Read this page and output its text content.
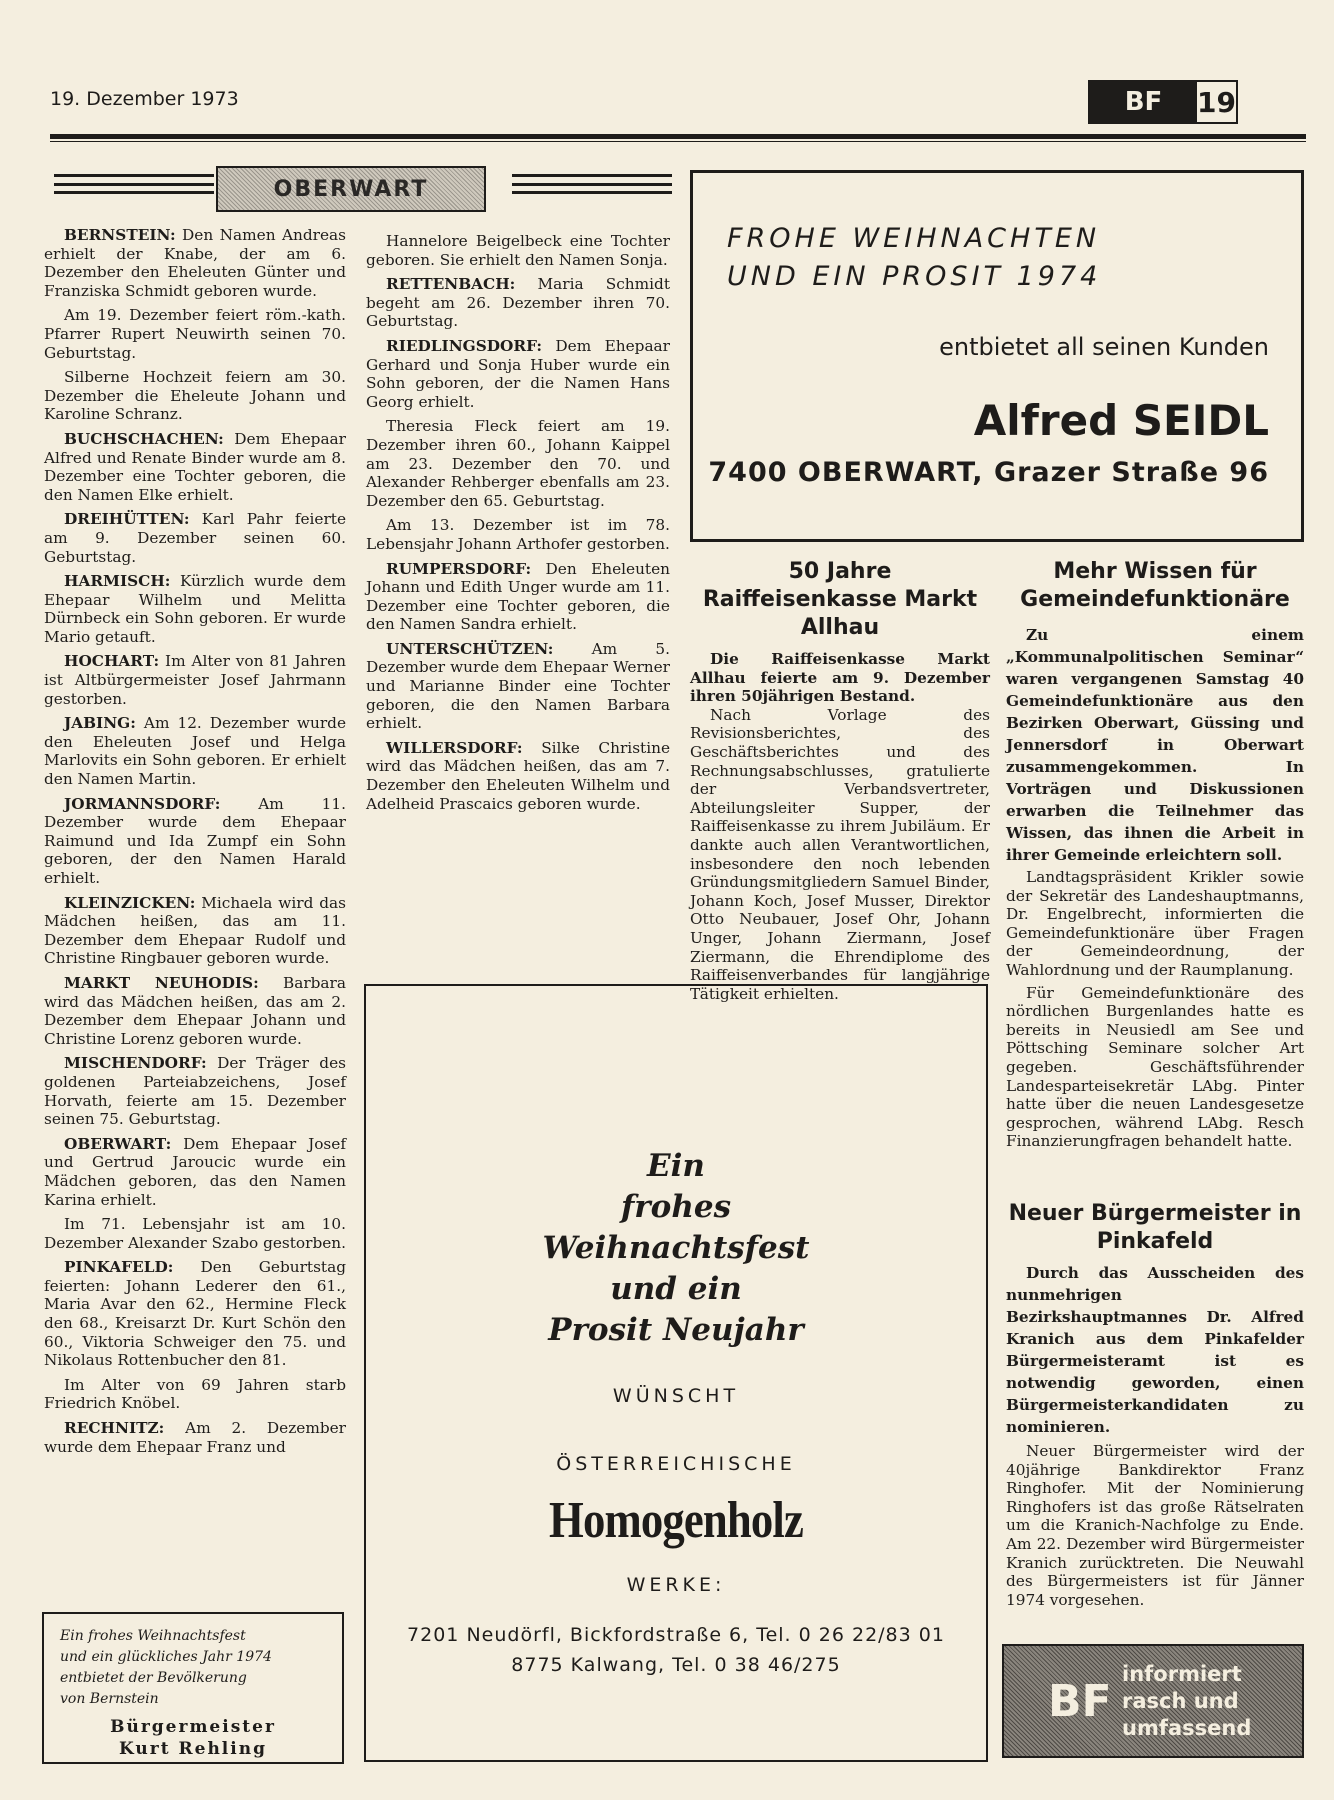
19. Dezember 1973	BF	19
OBERWART

BERNSTEIN: Den Namen Andreas erhielt der Knabe, der am 6. Dezember den Eheleuten Günter und Franziska Schmidt geboren wurde.

Am 19. Dezember feiert röm.-kath. Pfarrer Rupert Neuwirth seinen 70. Geburtstag.

Silberne Hochzeit feiern am 30. Dezember die Eheleute Johann und Karoline Schranz.

BUCHSCHACHEN: Dem Ehepaar Alfred und Renate Binder wurde am 8. Dezember eine Tochter geboren, die den Namen Elke erhielt.

DREIHÜTTEN: Karl Pahr feierte am 9. Dezember seinen 60. Geburtstag.

HARMISCH: Kürzlich wurde dem Ehepaar Wilhelm und Melitta Dürnbeck ein Sohn geboren. Er wurde Mario getauft.

HOCHART: Im Alter von 81 Jahren ist Altbürgermeister Josef Jahrmann gestorben.

JABING: Am 12. Dezember wurde den Eheleuten Josef und Helga Marlovits ein Sohn geboren. Er erhielt den Namen Martin.

JORMANNSDORF: Am 11. Dezember wurde dem Ehepaar Raimund und Ida Zumpf ein Sohn geboren, der den Namen Harald erhielt.

KLEINZICKEN: Michaela wird das Mädchen heißen, das am 11. Dezember dem Ehepaar Rudolf und Christine Ringbauer geboren wurde.

MARKT NEUHODIS: Barbara wird das Mädchen heißen, das am 2. Dezember dem Ehepaar Johann und Christine Lorenz geboren wurde.

MISCHENDORF: Der Träger des goldenen Parteiabzeichens, Josef Horvath, feierte am 15. Dezember seinen 75. Geburtstag.

OBERWART: Dem Ehepaar Josef und Gertrud Jaroucic wurde ein Mädchen geboren, das den Namen Karina erhielt.

Im 71. Lebensjahr ist am 10. Dezember Alexander Szabo gestorben.

PINKAFELD: Den Geburtstag feierten: Johann Lederer den 61., Maria Avar den 62., Hermine Fleck den 68., Kreisarzt Dr. Kurt Schön den 60., Viktoria Schweiger den 75. und Nikolaus Rottenbucher den 81.

Im Alter von 69 Jahren starb Friedrich Knöbel.

RECHNITZ: Am 2. Dezember wurde dem Ehepaar Franz und

Hannelore Beigelbeck eine Tochter geboren. Sie erhielt den Namen Sonja.

RETTENBACH: Maria Schmidt begeht am 26. Dezember ihren 70. Geburtstag.

RIEDLINGSDORF: Dem Ehepaar Gerhard und Sonja Huber wurde ein Sohn geboren, der die Namen Hans Georg erhielt.

Theresia Fleck feiert am 19. Dezember ihren 60., Johann Kaippel am 23. Dezember den 70. und Alexander Rehberger ebenfalls am 23. Dezember den 65. Geburtstag.

Am 13. Dezember ist im 78. Lebensjahr Johann Arthofer gestorben.

RUMPERSDORF: Den Eheleuten Johann und Edith Unger wurde am 11. Dezember eine Tochter geboren, die den Namen Sandra erhielt.

UNTERSCHÜTZEN: Am 5. Dezember wurde dem Ehepaar Werner und Marianne Binder eine Tochter geboren, die den Namen Barbara erhielt.

WILLERSDORF: Silke Christine wird das Mädchen heißen, das am 7. Dezember den Eheleuten Wilhelm und Adelheid Prascaics geboren wurde.

FROHE WEIHNACHTEN
UND EIN PROSIT 1974
entbietet all seinen Kunden
Alfred SEIDL
7400 OBERWART, Grazer Straße 96
50 Jahre Raiffeisenkasse Markt Allhau

Die Raiffeisenkasse Markt Allhau feierte am 9. Dezember ihren 50jährigen Bestand.

Nach Vorlage des Revisionsberichtes, des Geschäftsberichtes und des Rechnungsabschlusses, gratulierte der Verbandsvertreter, Abteilungsleiter Supper, der Raiffeisenkasse zu ihrem Jubiläum. Er dankte auch allen Verantwortlichen, insbesondere den noch lebenden Gründungsmitgliedern Samuel Binder, Johann Koch, Josef Musser, Direktor Otto Neubauer, Josef Ohr, Johann Unger, Johann Ziermann, Josef Ziermann, die Ehrendiplome des Raiffeisenverbandes für langjährige Tätigkeit erhielten.

Mehr Wissen für Gemeindefunktionäre

Zu einem „Kommunalpolitischen Seminar“ waren vergangenen Samstag 40 Gemeindefunktionäre aus den Bezirken Oberwart, Güssing und Jennersdorf in Oberwart zusammengekommen. In Vorträgen und Diskussionen erwarben die Teilnehmer das Wissen, das ihnen die Arbeit in ihrer Gemeinde erleichtern soll.

Landtagspräsident Krikler sowie der Sekretär des Landeshauptmanns, Dr. Engelbrecht, informierten die Gemeindefunktionäre über Fragen der Gemeindeordnung, der Wahlordnung und der Raumplanung.

Für Gemeindefunktionäre des nördlichen Burgenlandes hatte es bereits in Neusiedl am See und Pöttsching Seminare solcher Art gegeben. Geschäftsführender Landesparteisekretär LAbg. Pinter hatte über die neuen Landesgesetze gesprochen, während LAbg. Resch Finanzierungfragen behandelt hatte.

Neuer Bürgermeister in Pinkafeld

Durch das Ausscheiden des nunmehrigen Bezirkshauptmannes Dr. Alfred Kranich aus dem Pinkafelder Bürgermeisteramt ist es notwendig geworden, einen Bürgermeisterkandidaten zu nominieren.

Neuer Bürgermeister wird der 40jährige Bankdirektor Franz Ringhofer. Mit der Nominierung Ringhofers ist das große Rätselraten um die Kranich-Nachfolge zu Ende. Am 22. Dezember wird Bürgermeister Kranich zurücktreten. Die Neuwahl des Bürgermeisters ist für Jänner 1974 vorgesehen.

Ein
frohes
Weihnachtsfest
und ein
Prosit Neujahr
WÜNSCHT
ÖSTERREICHISCHE
Homogenholz
WERKE:
7201 Neudörfl, Bickfordstraße 6, Tel. 0 26 22/83 01
8775 Kalwang, Tel. 0 38 46/275
Ein frohes Weihnachtsfest
und ein glückliches Jahr 1974
entbietet der Bevölkerung
von Bernstein
Bürgermeister
Kurt Rehling
BF
informiert
rasch und
umfassend
